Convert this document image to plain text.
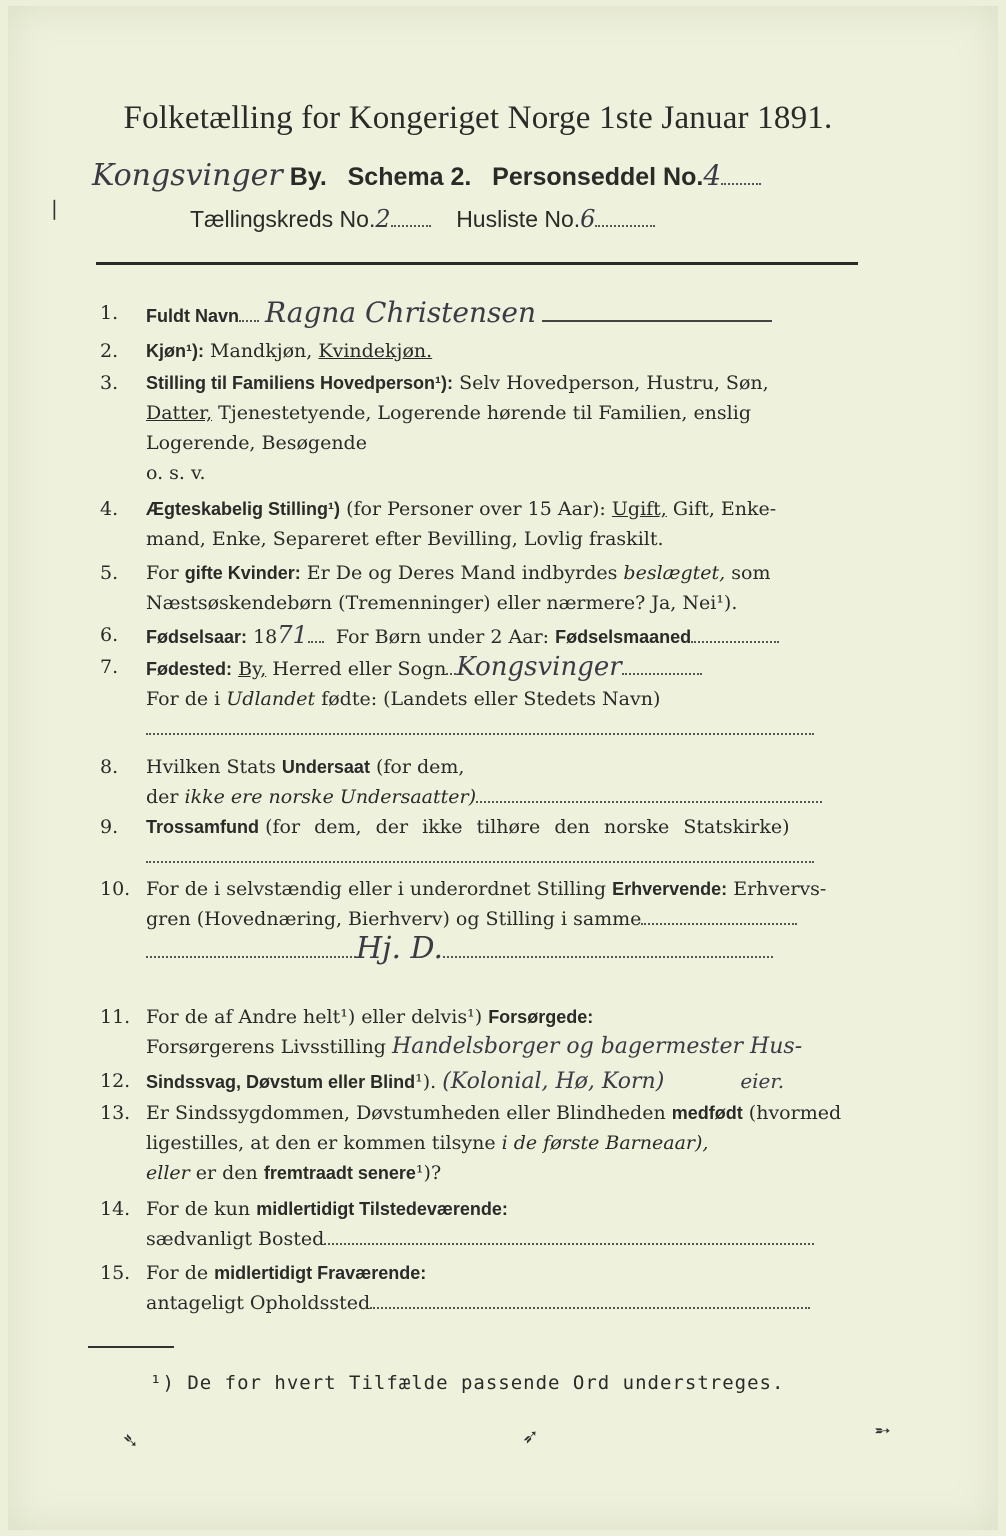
Folketælling for Kongeriget Norge 1ste Januar 1891.
Kongsvinger By. Schema 2. Personseddel No.4
Tællingskreds No.2	Husliste No.6
1.	Fuldt Navn Ragna Christensen
2.	Kjøn¹): Mandkjøn, Kvindekjøn.
3.	Stilling til Familiens Hovedperson¹): Selv Hovedperson, Hustru, Søn,
Datter, Tjenestetyende, Logerende hørende til Familien, enslig
Logerende, Besøgende
o. s. v.
4.	Ægteskabelig Stilling¹) (for Personer over 15 Aar): Ugift, Gift, Enke-
mand, Enke, Separeret efter Bevilling, Lovlig fraskilt.
5.	For gifte Kvinder: Er De og Deres Mand indbyrdes beslægtet, som
Næstsøskendebørn (Tremenninger) eller nærmere? Ja, Nei¹).
6.	Fødselsaar: 1871 For Børn under 2 Aar: Fødselsmaaned
7.	Fødested: By, Herred eller Sogn Kongsvinger
For de i Udlandet fødte: (Landets eller Stedets Navn)

8.	Hvilken Stats Undersaat (for dem,
der ikke ere norske Undersaatter)
9.	Trossamfund (for dem, der ikke tilhøre den norske Statskirke)

10. For de i selvstændig eller i underordnet Stilling Erhvervende: Erhvervs-
gren (Hovednæring, Bierhverv) og Stilling i samme
Hj. D.
11. For de af Andre helt¹) eller delvis¹) Forsørgede:
Forsørgerens Livsstilling Handelsborger og bagermester Hus-
12. Sindssvag, Døvstum eller Blind¹). (Kolonial, Hø, Korn)	eier.
13. Er Sindssygdommen, Døvstumheden eller Blindheden medfødt (hvormed
ligestilles, at den er kommen tilsyne i de første Barneaar),
eller er den fremtraadt senere¹)?
14. For de kun midlertidigt Tilstedeværende:
sædvanligt Bosted
15. For de midlertidigt Fraværende:
antageligt Opholdssted
¹) De for hvert Tilfælde passende Ord understreges.
❘
➴	➶	➵
